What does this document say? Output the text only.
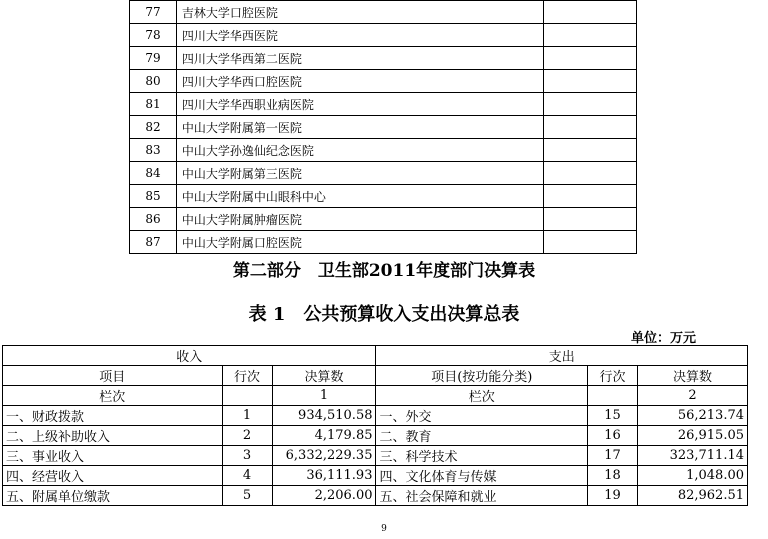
77	吉林大学口腔医院	
78	四川大学华西医院	
79	四川大学华西第二医院	
80	四川大学华西口腔医院	
81	四川大学华西职业病医院	
82	中山大学附属第一医院	
83	中山大学孙逸仙纪念医院	
84	中山大学附属第三医院	
85	中山大学附属中山眼科中心	
86	中山大学附属肿瘤医院	
87	中山大学附属口腔医院	
第二部分　卫生部2011年度部门决算表
表 1　公共预算收入支出决算总表
单位：万元
收入			支出		
项目	行次	决算数	项目(按功能分类)	行次	决算数
栏次		1	栏次		2
一、财政拨款	1	934,510.58	一、外交	15	56,213.74
二、上级补助收入	2	4,179.85	二、教育	16	26,915.05
三、事业收入	3	6,332,229.35	三、科学技术	17	323,711.14
四、经营收入	4	36,111.93	四、文化体育与传媒	18	1,048.00
五、附属单位缴款	5	2,206.00	五、社会保障和就业	19	82,962.51
9
